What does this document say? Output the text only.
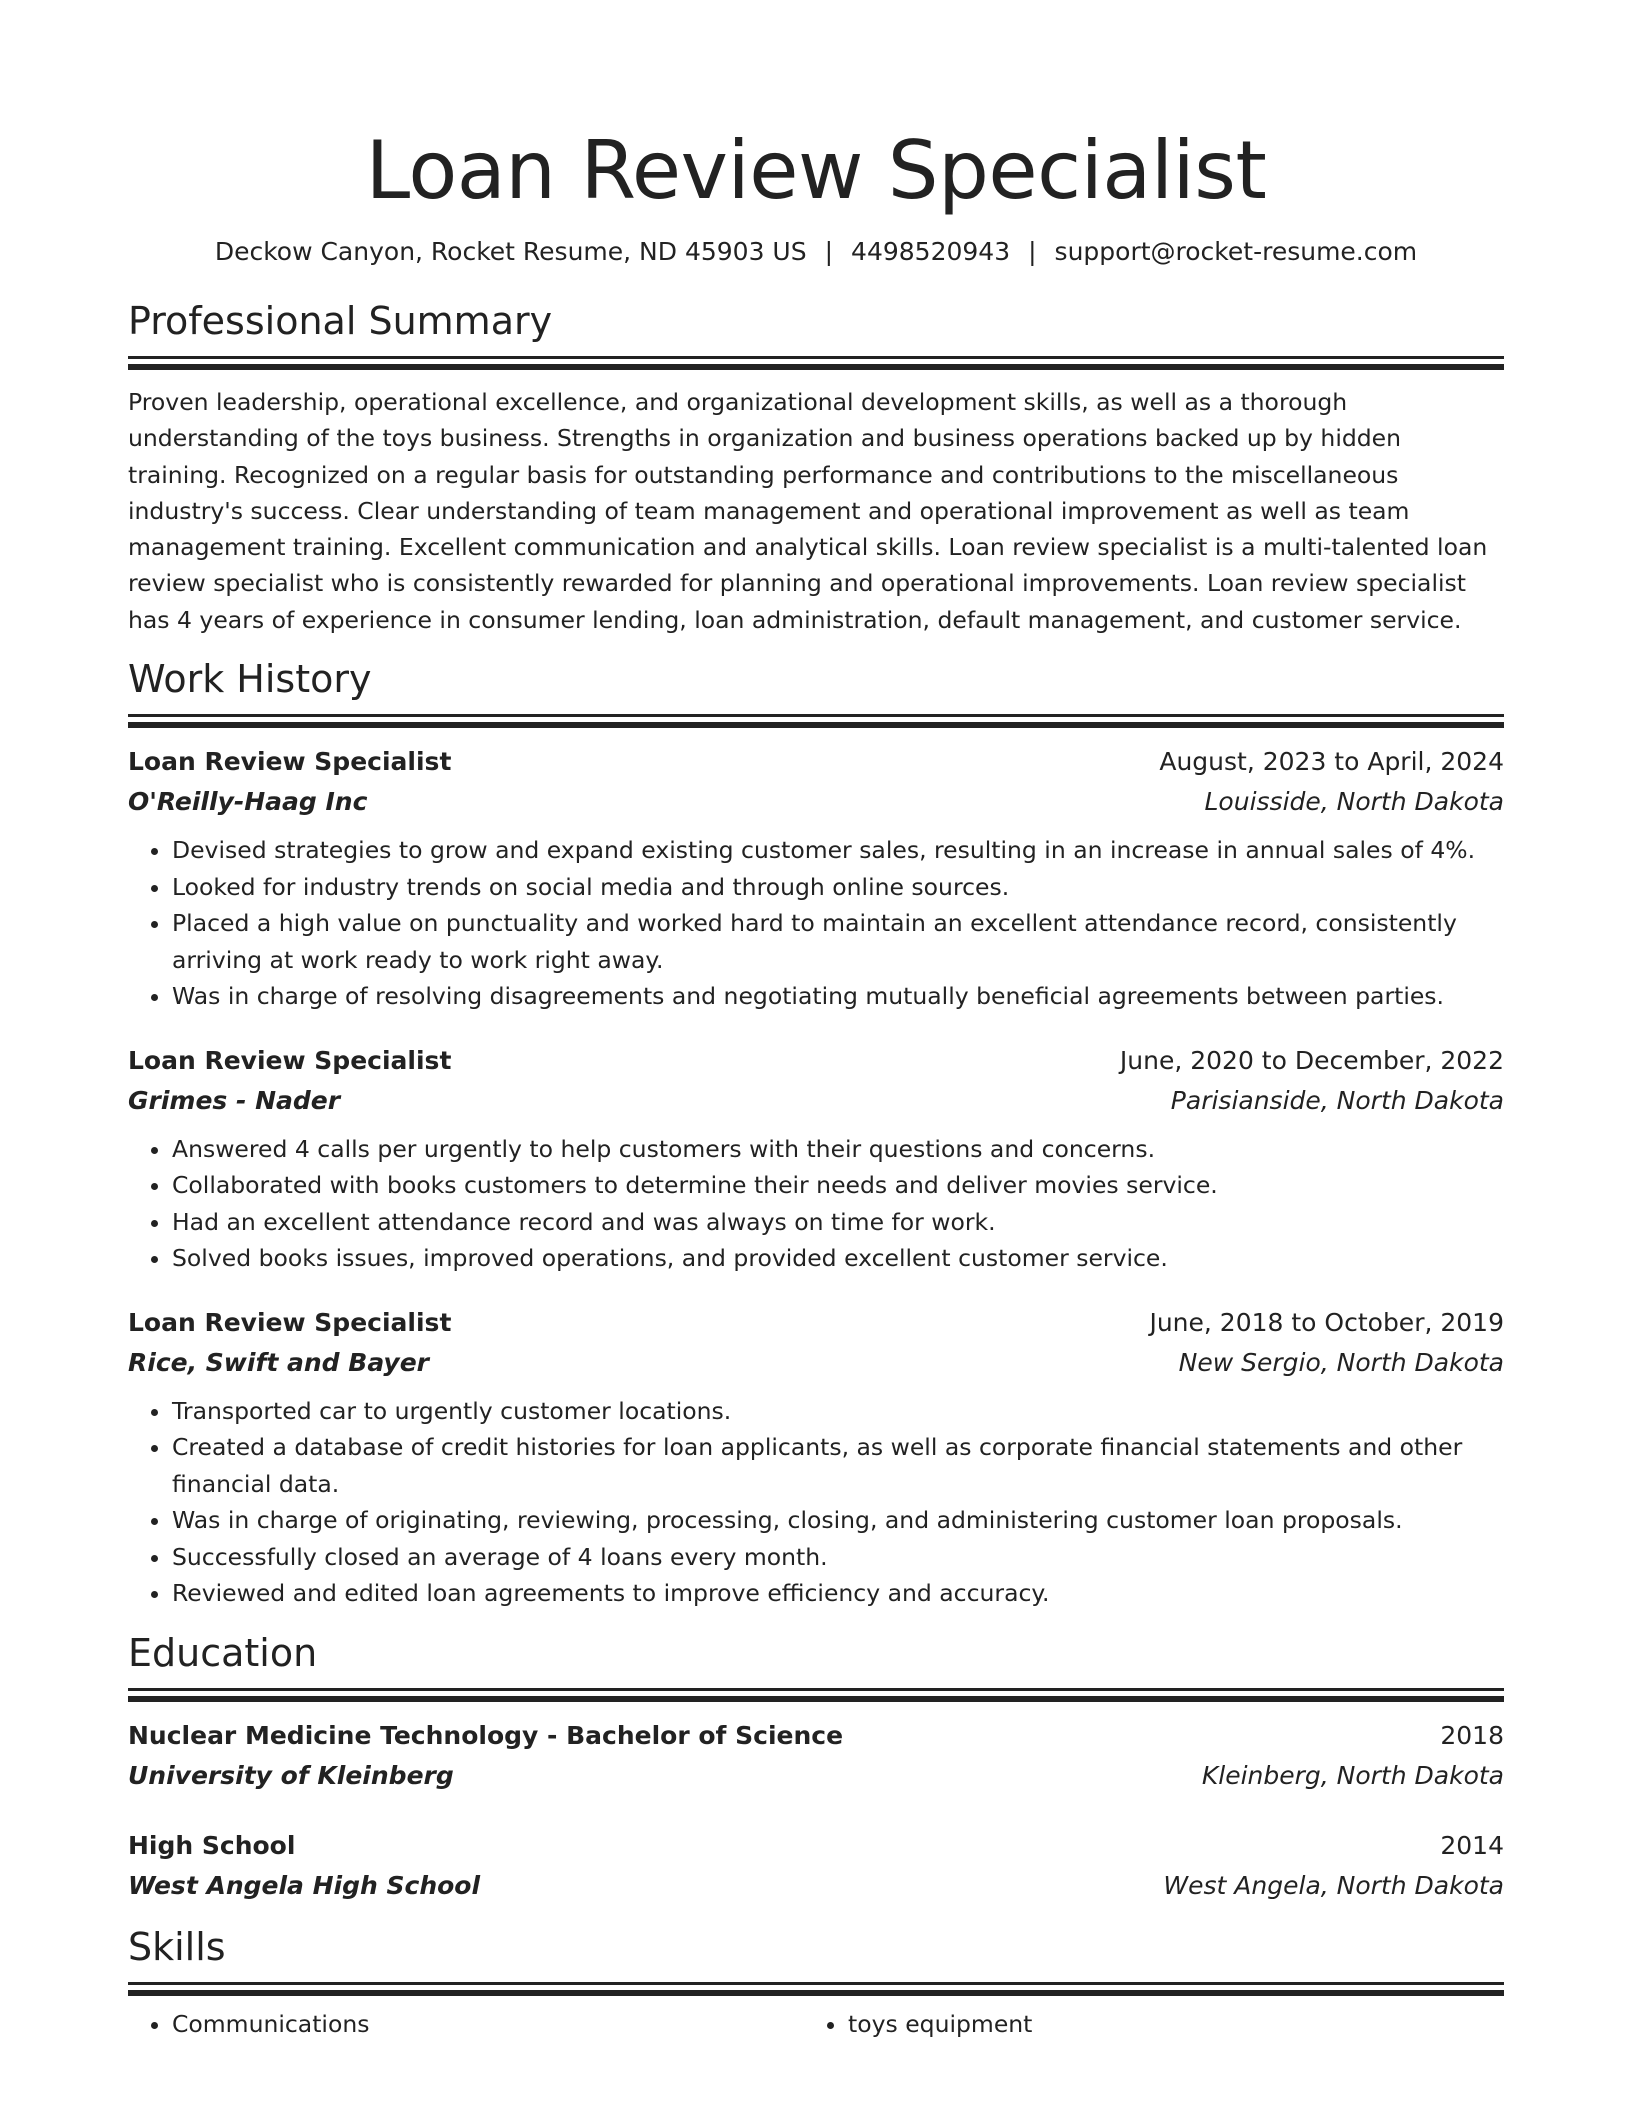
Loan Review Specialist
Deckow Canyon, Rocket Resume, ND 45903 US | 4498520943 | support@rocket-resume.com
Professional Summary
Proven leadership, operational excellence, and organizational development skills, as well as a thorough understanding of the toys business. Strengths in organization and business operations backed up by hidden training. Recognized on a regular basis for outstanding performance and contributions to the miscellaneous industry's success. Clear understanding of team management and operational improvement as well as team management training. Excellent communication and analytical skills. Loan review specialist is a multi-talented loan review specialist who is consistently rewarded for planning and operational improvements. Loan review specialist has 4 years of experience in consumer lending, loan administration, default management, and customer service.
Work History
Loan Review Specialist	August, 2023 to April, 2024
O'Reilly-Haag Inc	Louisside, North Dakota
• Devised strategies to grow and expand existing customer sales, resulting in an increase in annual sales of 4%.
• Looked for industry trends on social media and through online sources.
• Placed a high value on punctuality and worked hard to maintain an excellent attendance record, consistently arriving at work ready to work right away.
• Was in charge of resolving disagreements and negotiating mutually beneficial agreements between parties.
Loan Review Specialist	June, 2020 to December, 2022
Grimes - Nader	Parisianside, North Dakota
• Answered 4 calls per urgently to help customers with their questions and concerns.
• Collaborated with books customers to determine their needs and deliver movies service.
• Had an excellent attendance record and was always on time for work.
• Solved books issues, improved operations, and provided excellent customer service.
Loan Review Specialist	June, 2018 to October, 2019
Rice, Swift and Bayer	New Sergio, North Dakota
• Transported car to urgently customer locations.
• Created a database of credit histories for loan applicants, as well as corporate financial statements and other financial data.
• Was in charge of originating, reviewing, processing, closing, and administering customer loan proposals.
• Successfully closed an average of 4 loans every month.
• Reviewed and edited loan agreements to improve efficiency and accuracy.
Education
Nuclear Medicine Technology - Bachelor of Science	2018
University of Kleinberg	Kleinberg, North Dakota
High School	2014
West Angela High School	West Angela, North Dakota
Skills
• Communications
•	toys equipment
